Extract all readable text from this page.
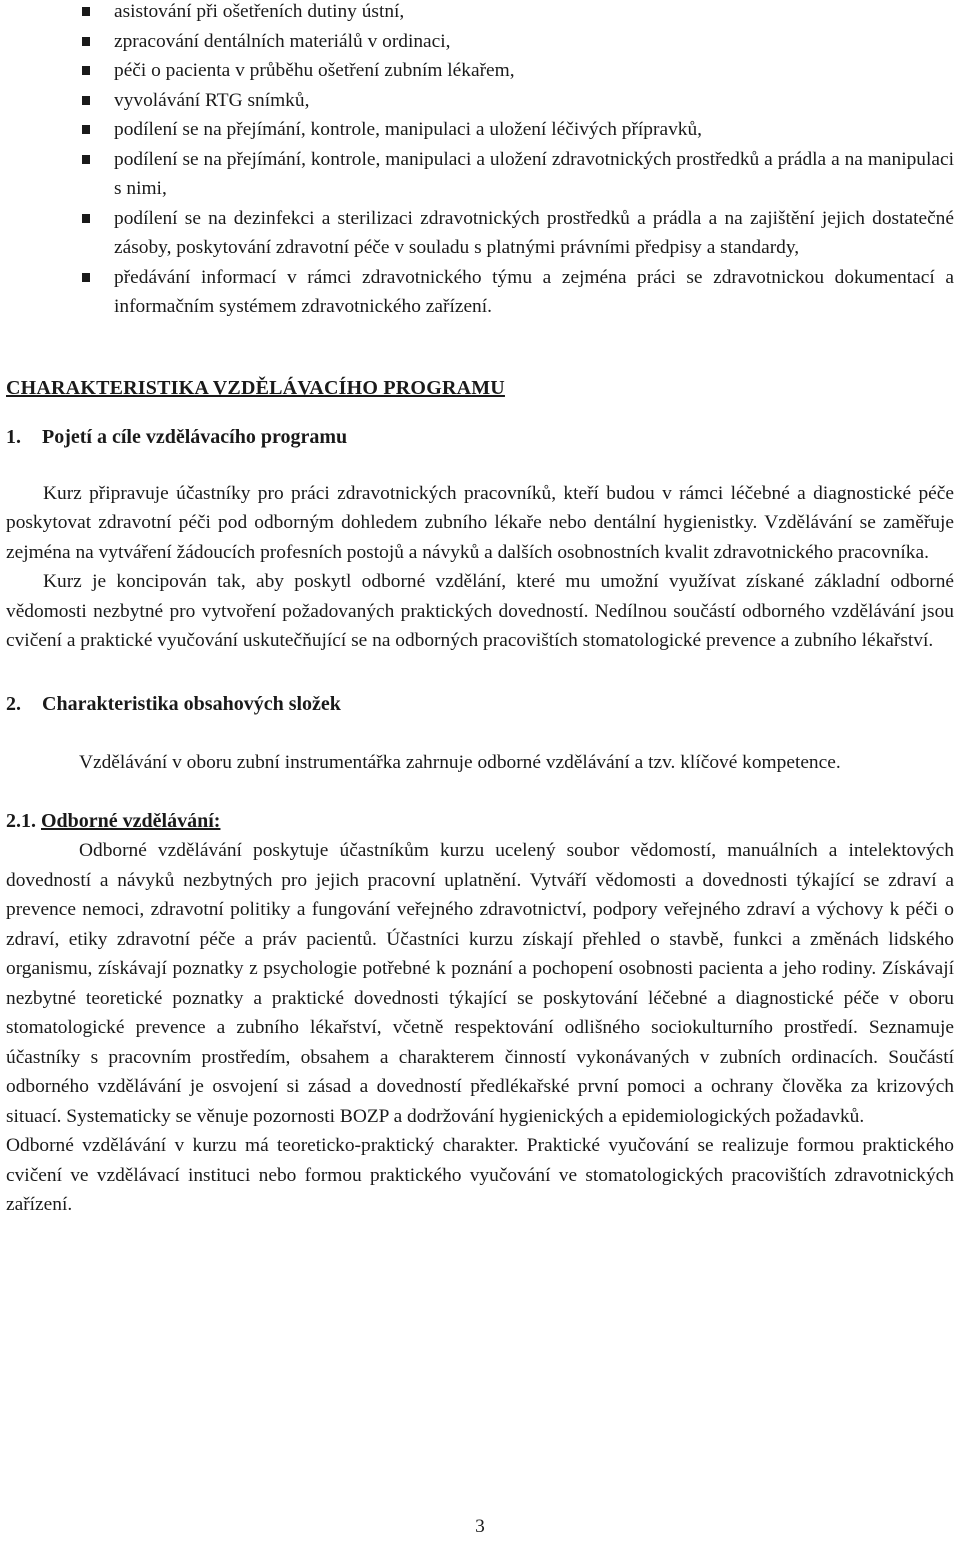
asistování při ošetřeních dutiny ústní,
zpracování dentálních materiálů v ordinaci,
péči o pacienta v průběhu ošetření zubním lékařem,
vyvolávání RTG snímků,
podílení se na přejímání, kontrole, manipulaci a uložení léčivých přípravků,
podílení se na přejímání, kontrole, manipulaci a uložení zdravotnických prostředků a prádla a na manipulaci s nimi,
podílení se na dezinfekci a sterilizaci zdravotnických prostředků a prádla a na zajištění jejich dostatečné zásoby, poskytování zdravotní péče v souladu s platnými právními předpisy a standardy,
předávání informací v rámci zdravotnického týmu a zejména práci se zdravotnickou dokumentací a informačním systémem zdravotnického zařízení.
CHARAKTERISTIKA VZDĚLÁVACÍHO PROGRAMU
1. Pojetí a cíle vzdělávacího programu

Kurz připravuje účastníky pro práci zdravotnických pracovníků, kteří budou v rámci léčebné a diagnostické péče poskytovat zdravotní péči pod odborným dohledem zubního lékaře nebo dentální hygienistky. Vzdělávání se zaměřuje zejména na vytváření žádoucích profesních postojů a návyků a dalších osobnostních kvalit zdravotnického pracovníka.

Kurz je koncipován tak, aby poskytl odborné vzdělání, které mu umožní využívat získané základní odborné vědomosti nezbytné pro vytvoření požadovaných praktických dovedností. Nedílnou součástí odborného vzdělávání jsou cvičení a praktické vyučování uskutečňující se na odborných pracovištích stomatologické prevence a zubního lékařství.

2. Charakteristika obsahových složek

Vzdělávání v oboru zubní instrumentářka zahrnuje odborné vzdělávání a tzv. klíčové kompetence.

2.1. Odborné vzdělávání:

Odborné vzdělávání poskytuje účastníkům kurzu ucelený soubor vědomostí, manuálních a intelektových dovedností a návyků nezbytných pro jejich pracovní uplatnění. Vytváří vědomosti a dovednosti týkající se zdraví a prevence nemoci, zdravotní politiky a fungování veřejného zdravotnictví, podpory veřejného zdraví a výchovy k péči o zdraví, etiky zdravotní péče a práv pacientů. Účastníci kurzu získají přehled o stavbě, funkci a změnách lidského organismu, získávají poznatky z psychologie potřebné k poznání a pochopení osobnosti pacienta a jeho rodiny. Získávají nezbytné teoretické poznatky a praktické dovednosti týkající se poskytování léčebné a diagnostické péče v oboru stomatologické prevence a zubního lékařství, včetně respektování odlišného sociokulturního prostředí. Seznamuje účastníky s pracovním prostředím, obsahem a charakterem činností vykonávaných v zubních ordinacích. Součástí odborného vzdělávání je osvojení si zásad a dovedností předlékařské první pomoci a ochrany člověka za krizových situací. Systematicky se věnuje pozornosti BOZP a dodržování hygienických a epidemiologických požadavků.

Odborné vzdělávání v kurzu má teoreticko-praktický charakter. Praktické vyučování se realizuje formou praktického cvičení ve vzdělávací instituci nebo formou praktického vyučování ve stomatologických pracovištích zdravotnických zařízení.

3
